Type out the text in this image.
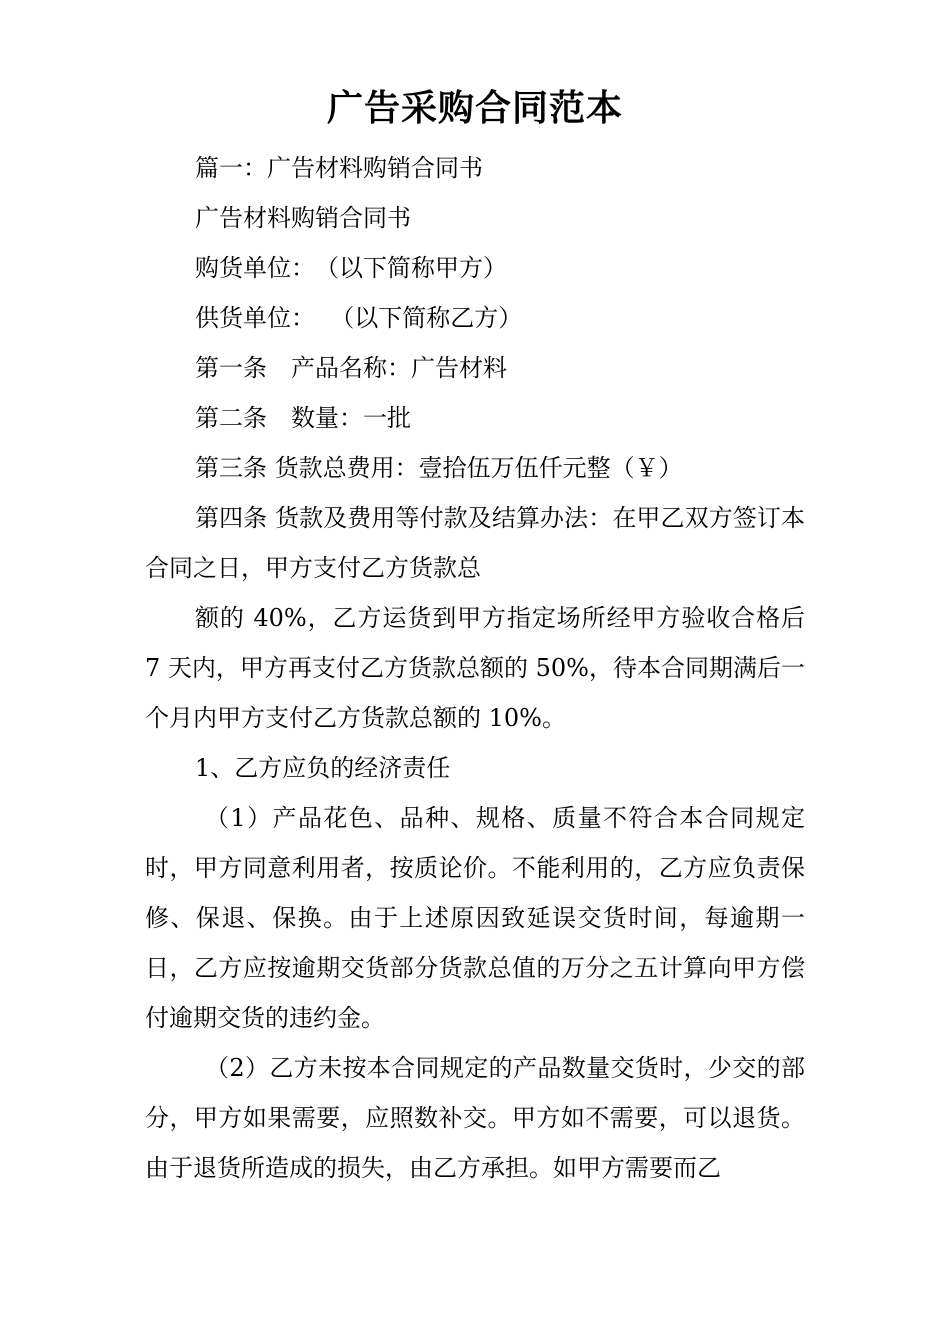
广告采购合同范本

篇一：广告材料购销合同书

广告材料购销合同书

购货单位：　（以下简称甲方）

供货单位：  （以下简称乙方）

第一条　产品名称：广告材料

第二条　数量：一批

第三条 货款总费用：壹拾伍万伍仟元整（￥）

第四条 货款及费用等付款及结算办法：在甲乙双方签订本合同之日，甲方支付乙方货款总

额的 40%，乙方运货到甲方指定场所经甲方验收合格后 7 天内，甲方再支付乙方货款总额的 50%，待本合同期满后一个月内甲方支付乙方货款总额的 10%。

1、乙方应负的经济责任

（1）产品花色、品种、规格、质量不符合本合同规定时，甲方同意利用者，按质论价。不能利用的，乙方应负责保修、保退、保换。由于上述原因致延误交货时间，每逾期一日，乙方应按逾期交货部分货款总值的万分之五计算向甲方偿付逾期交货的违约金。

（2）乙方未按本合同规定的产品数量交货时，少交的部分，甲方如果需要，应照数补交。甲方如不需要，可以退货。由于退货所造成的损失，由乙方承担。如甲方需要而乙
